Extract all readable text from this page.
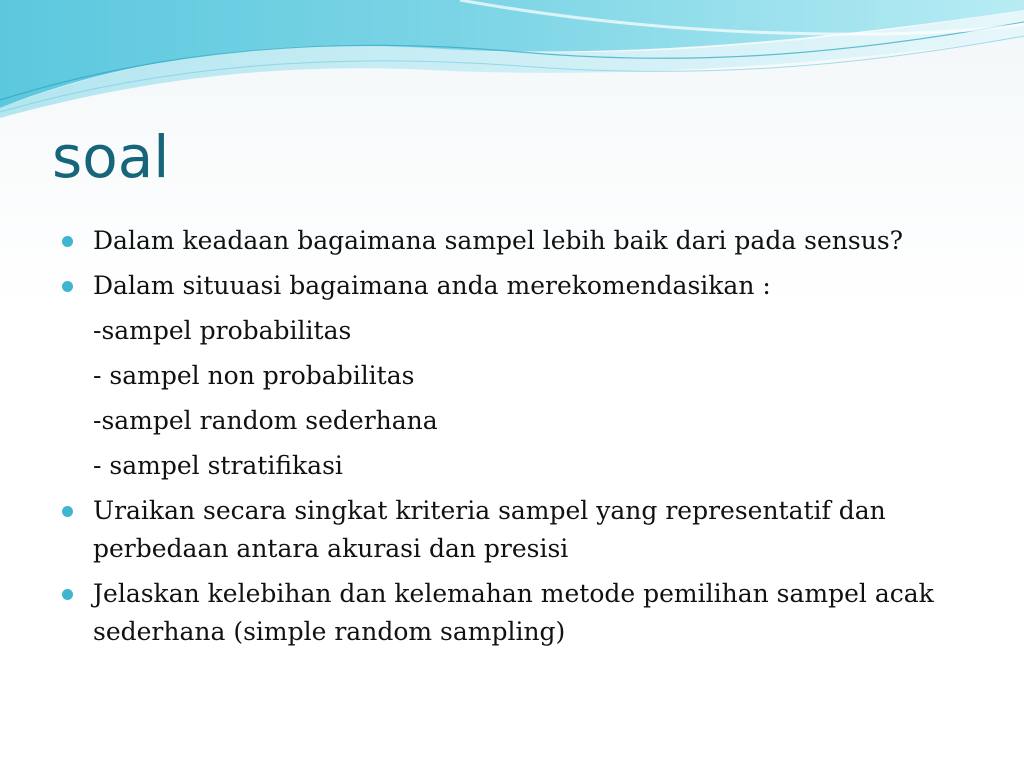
soal
Dalam keadaan bagaimana sampel lebih baik dari pada sensus?
Dalam situuasi bagaimana anda merekomendasikan :
-sampel probabilitas
- sampel non probabilitas
-sampel random sederhana
- sampel stratifikasi
Uraikan secara singkat kriteria sampel yang representatif dan perbedaan antara akurasi dan presisi
Jelaskan kelebihan dan kelemahan metode pemilihan sampel acak sederhana (simple random sampling)
